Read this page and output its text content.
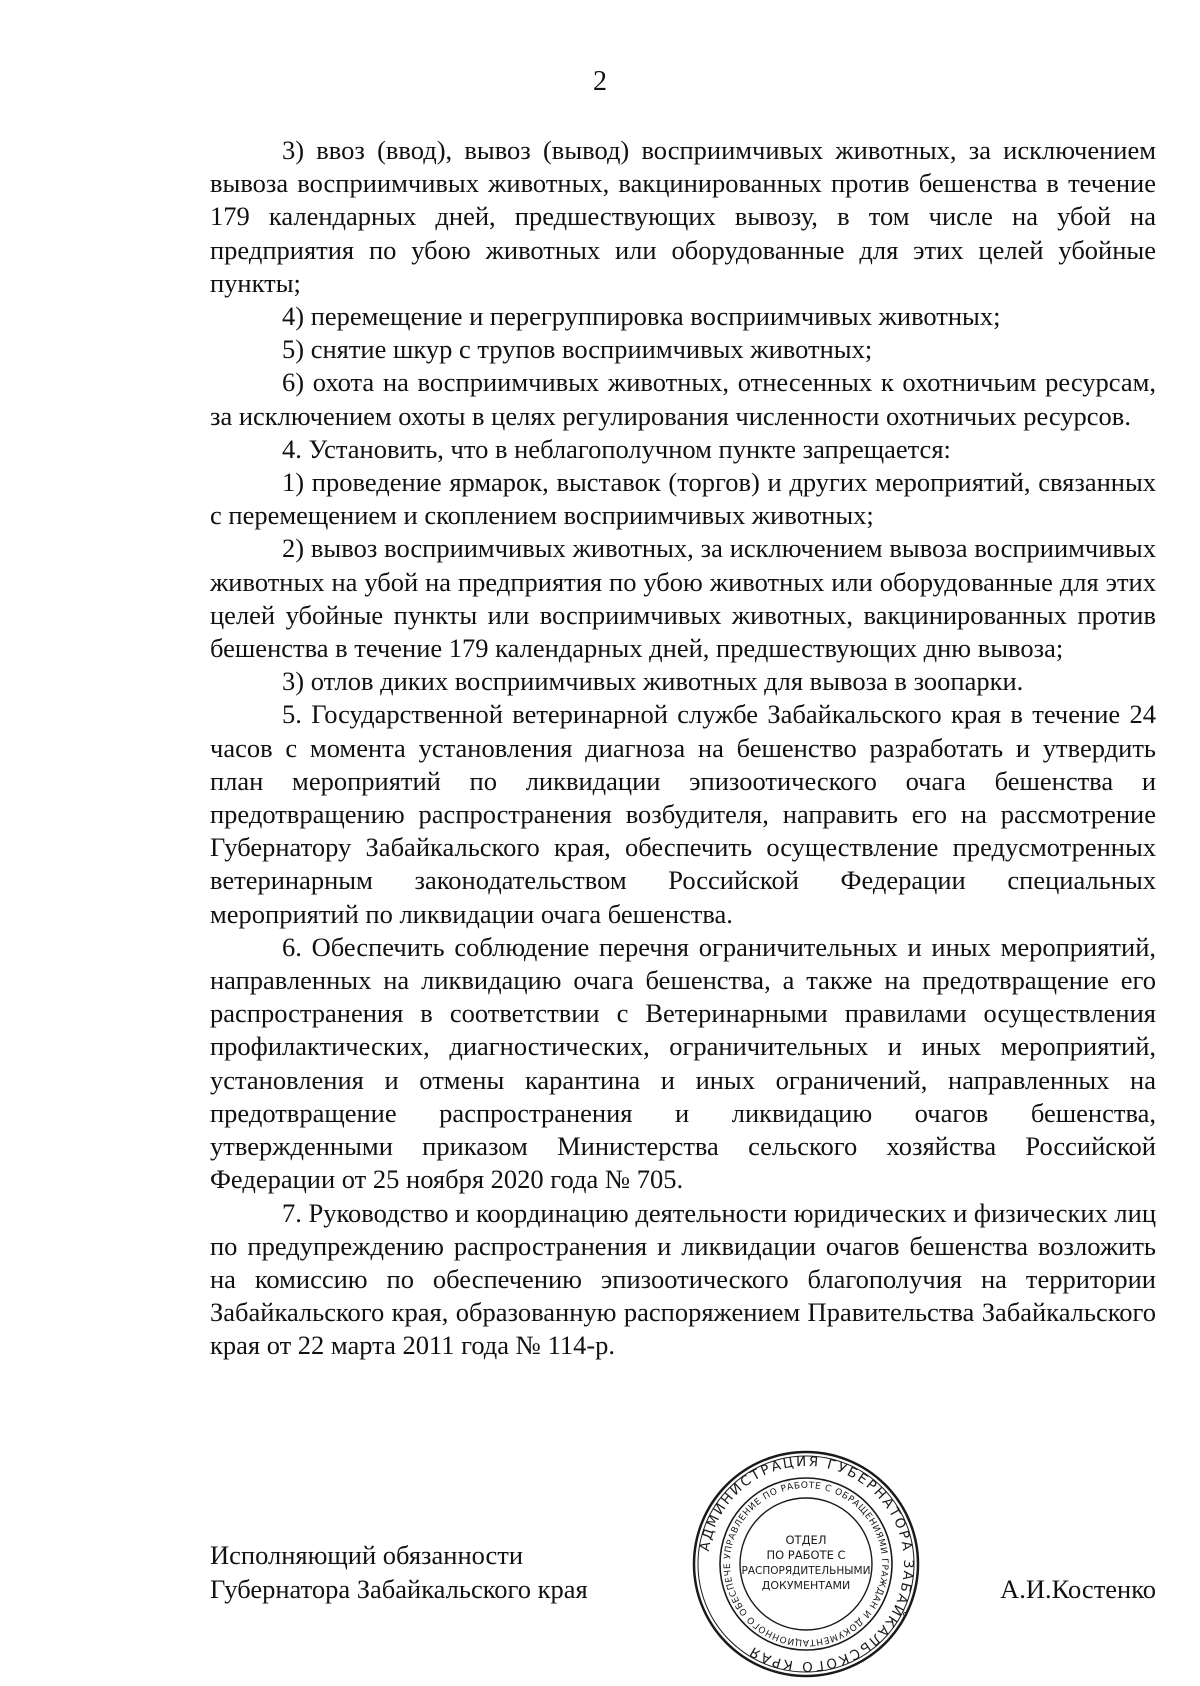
2

3) ввоз (ввод), вывоз (вывод) восприимчивых животных, за исключением вывоза восприимчивых животных, вакцинированных против бешенства в течение 179 календарных дней, предшествующих вывозу, в том числе на убой на предприятия по убою животных или оборудованные для этих целей убойные пункты;

4) перемещение и перегруппировка восприимчивых животных;

5) снятие шкур с трупов восприимчивых животных;

6) охота на восприимчивых животных, отнесенных к охотничьим ресурсам, за исключением охоты в целях регулирования численности охотничьих ресурсов.

4. Установить, что в неблагополучном пункте запрещается:

1) проведение ярмарок, выставок (торгов) и других мероприятий, связанных с перемещением и скоплением восприимчивых животных;

2) вывоз восприимчивых животных, за исключением вывоза восприимчивых животных на убой на предприятия по убою животных или оборудованные для этих целей убойные пункты или восприимчивых животных, вакцинированных против бешенства в течение 179 календарных дней, предшествующих дню вывоза;

3) отлов диких восприимчивых животных для вывоза в зоопарки.

5. Государственной ветеринарной службе Забайкальского края в течение 24 часов с момента установления диагноза на бешенство разработать и утвердить план мероприятий по ликвидации эпизоотического очага бешенства и предотвращению распространения возбудителя, направить его на рассмотрение Губернатору Забайкальского края, обеспечить осуществление предусмотренных ветеринарным законодательством Российской Федерации специальных мероприятий по ликвидации очага бешенства.

6. Обеспечить соблюдение перечня ограничительных и иных мероприятий, направленных на ликвидацию очага бешенства, а также на предотвращение его распространения в соответствии с Ветеринарными правилами осуществления профилактических, диагностических, ограничительных и иных мероприятий, установления и отмены карантина и иных ограничений, направленных на предотвращение распространения и ликвидацию очагов бешенства, утвержденными приказом Министерства сельского хозяйства Российской Федерации от 25 ноября 2020 года № 705.

7. Руководство и координацию деятельности юридических и физических лиц по предупреждению распространения и ликвидации очагов бешенства возложить на комиссию по обеспечению эпизоотического благополучия на территории Забайкальского края, образованную распоряжением Правительства Забайкальского края от 22 марта 2011 года № 114-р.

Исполняющий обязанности
Губернатора Забайкальского края	А.И.Костенко
АДМИНИСТРАЦИЯ ГУБЕРНАТОРА ЗАБАЙКАЛЬСКОГО КРАЯ
УПРАВЛЕНИЕ ПО РАБОТЕ С ОБРАЩЕНИЯМИ ГРАЖДАН И ДОКУМЕНТАЦИОННОГО ОБЕСПЕЧЕ
ОТДЕЛ
ПО РАБОТЕ С
РАСПОРЯДИТЕЛЬНЫМИ
ДОКУМЕНТАМИ
